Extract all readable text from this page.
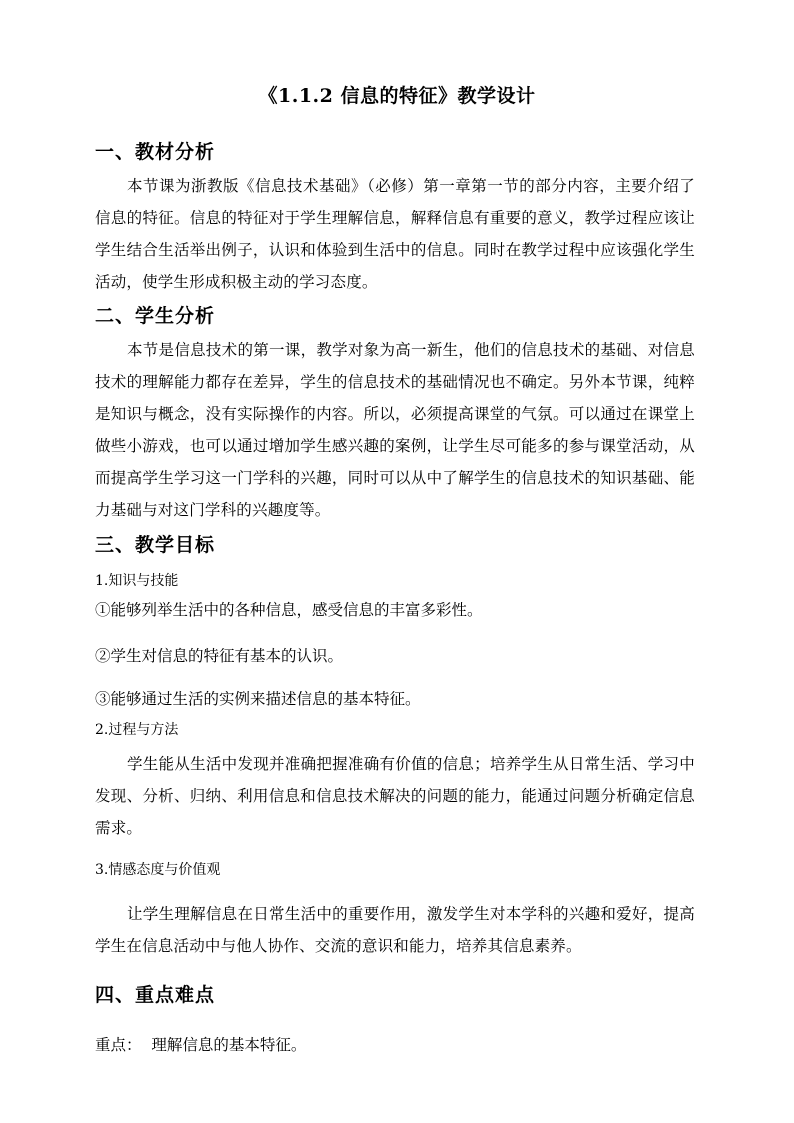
《1.1.2 信息的特征》教学设计
一、教材分析
本节课为浙教版《信息技术基础》（必修）第一章第一节的部分内容，主要介绍了信息的特征。信息的特征对于学生理解信息，解释信息有重要的意义，教学过程应该让学生结合生活举出例子，认识和体验到生活中的信息。同时在教学过程中应该强化学生活动，使学生形成积极主动的学习态度。
二、学生分析
本节是信息技术的第一课，教学对象为高一新生，他们的信息技术的基础、对信息技术的理解能力都存在差异，学生的信息技术的基础情况也不确定。另外本节课，纯粹是知识与概念，没有实际操作的内容。所以，必须提高课堂的气氛。可以通过在课堂上做些小游戏，也可以通过增加学生感兴趣的案例，让学生尽可能多的参与课堂活动，从而提高学生学习这一门学科的兴趣，同时可以从中了解学生的信息技术的知识基础、能力基础与对这门学科的兴趣度等。
三、教学目标
1.知识与技能
①能够列举生活中的各种信息，感受信息的丰富多彩性。
②学生对信息的特征有基本的认识。
③能够通过生活的实例来描述信息的基本特征。
2.过程与方法
学生能从生活中发现并准确把握准确有价值的信息；培养学生从日常生活、学习中发现、分析、归纳、利用信息和信息技术解决的问题的能力，能通过问题分析确定信息需求。
3.情感态度与价值观
让学生理解信息在日常生活中的重要作用，激发学生对本学科的兴趣和爱好，提高学生在信息活动中与他人协作、交流的意识和能力，培养其信息素养。
四、重点难点
重点：  理解信息的基本特征。
